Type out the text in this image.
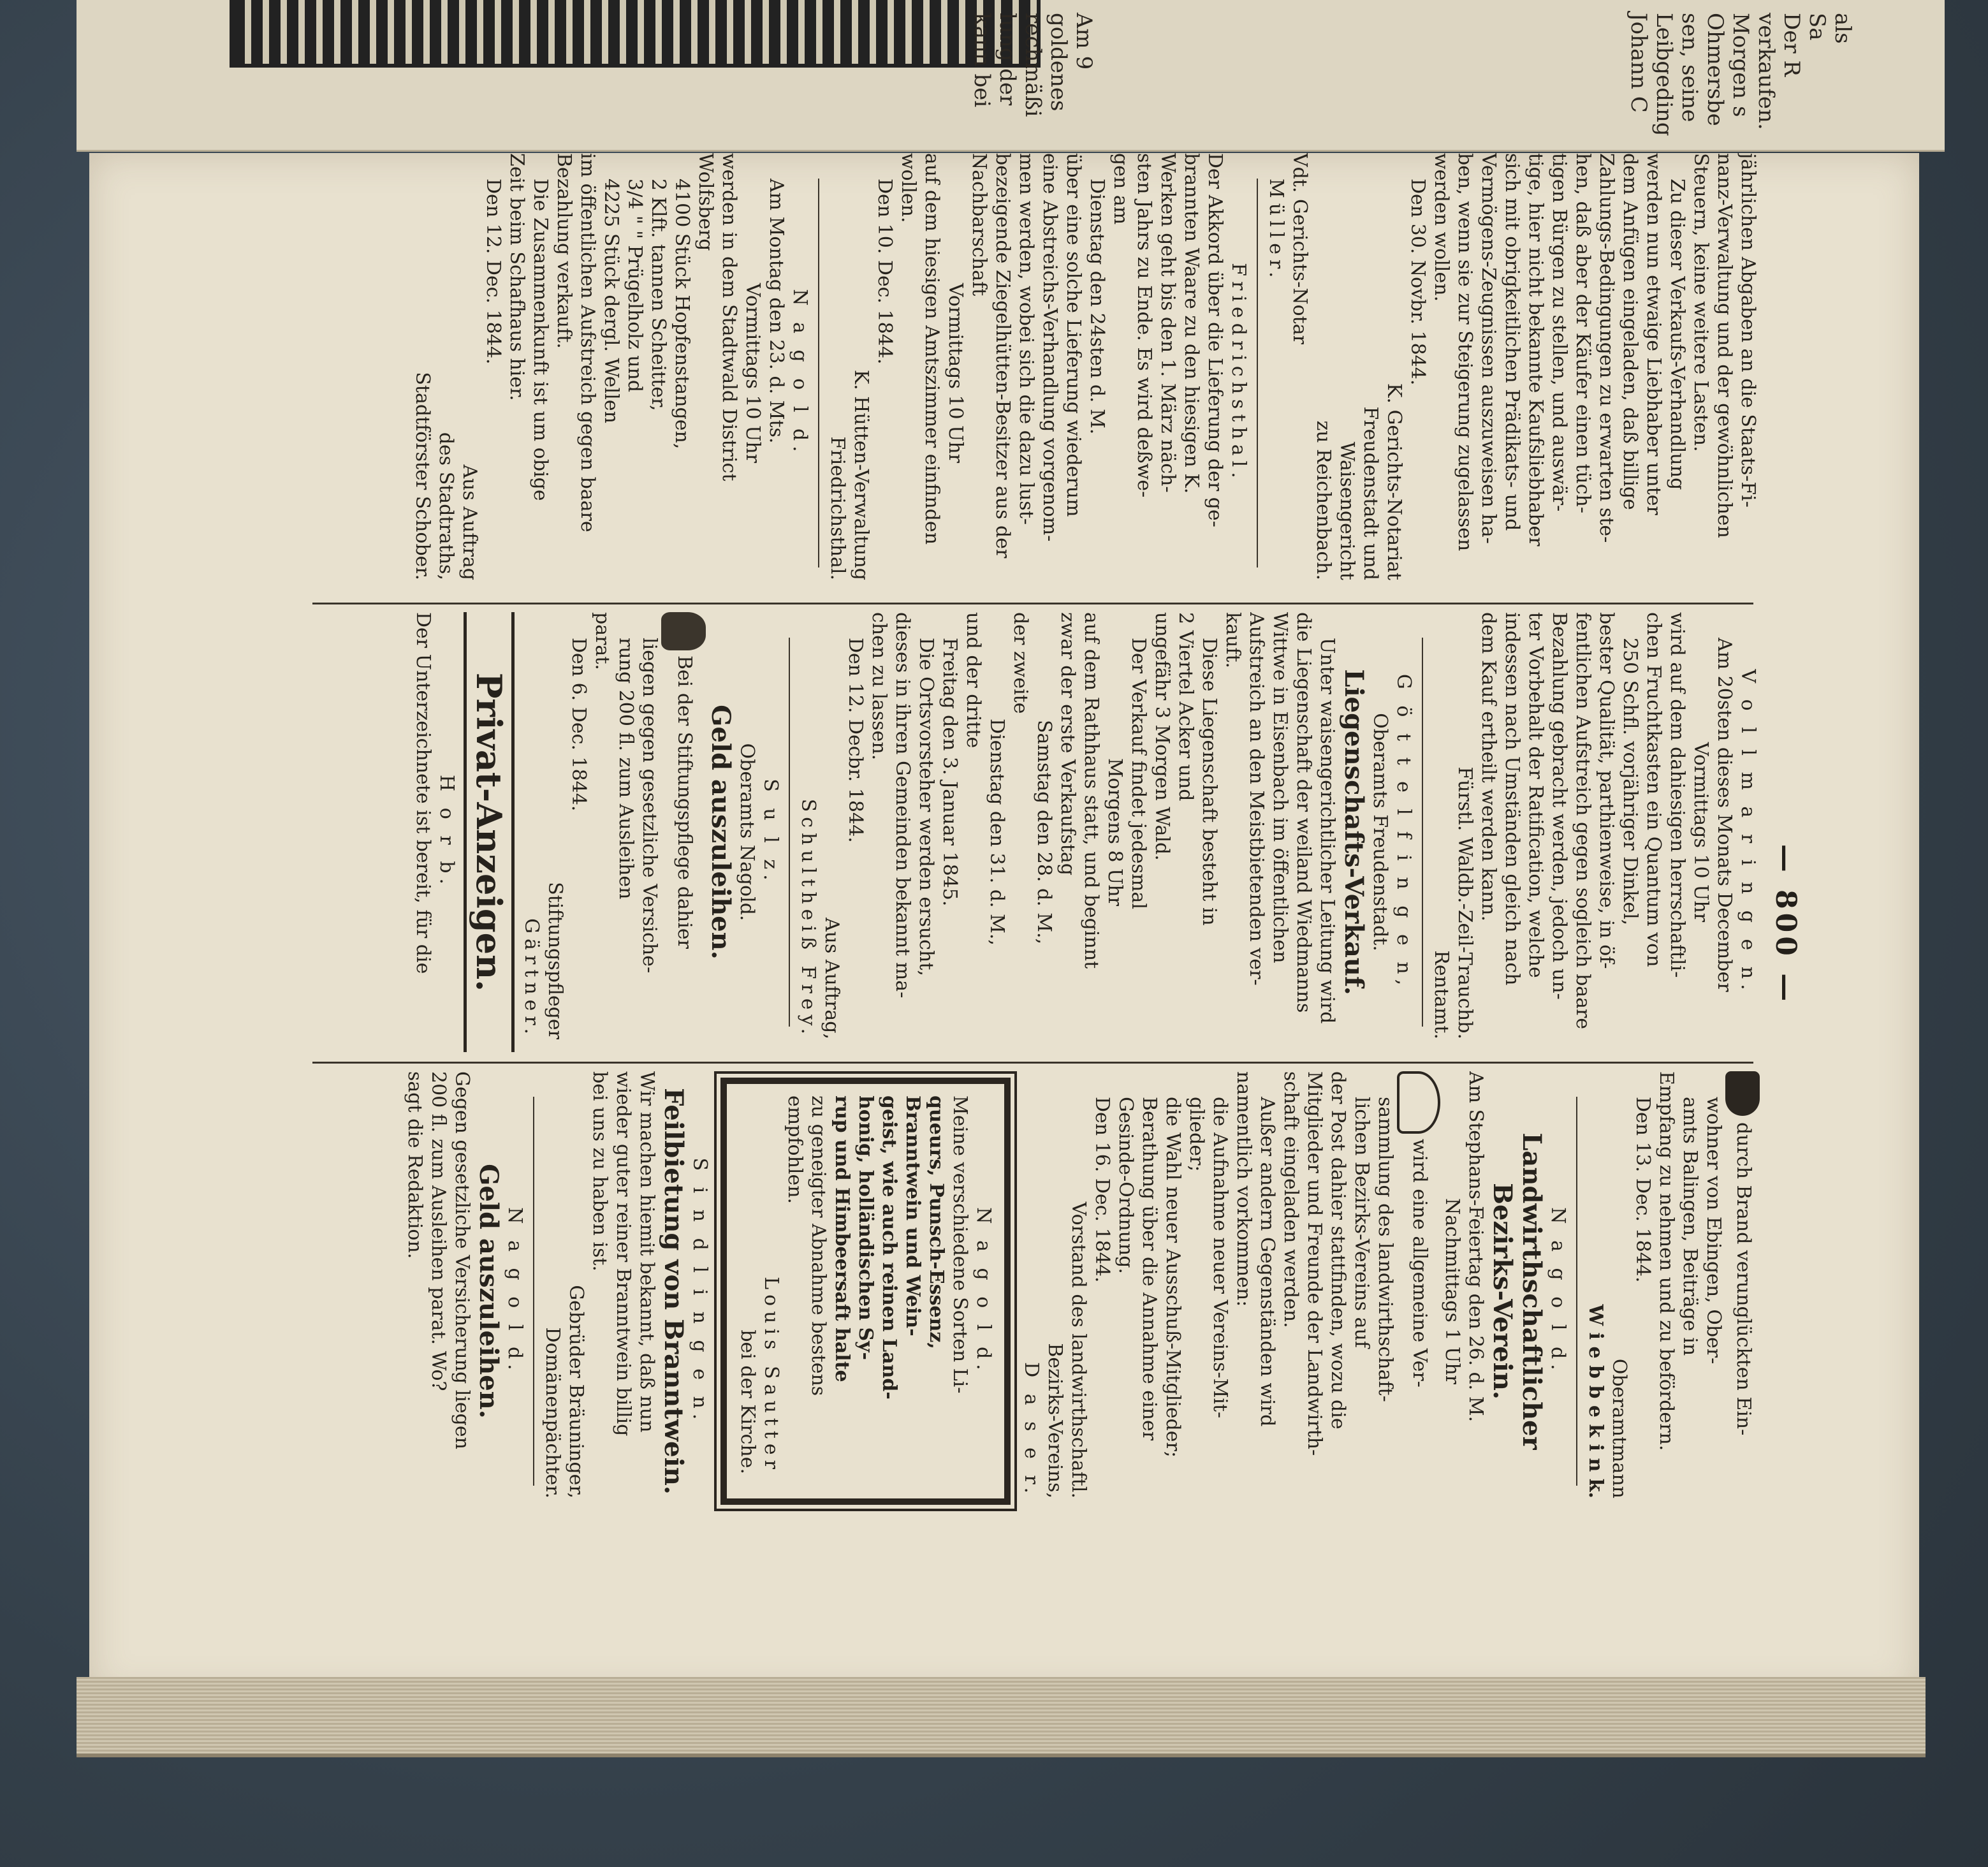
Am 9
goldenes
rechmäßi
lung der
kann bei	Johann C Leibgeding sen, seine Ohmersbe Morgen s verkaufen. Der R Sa als
— 800 —
jährlichen Abgaben an die Staats-Fi-
nanz-Verwaltung und der gewöhnlichen
Steuern, keine weitere Lasten.
Zu dieser Verkaufs-Verhandlung
werden nun etwaige Liebhaber unter
dem Anfügen eingeladen, daß billige
Zahlungs-Bedingungen zu erwarten ste-
hen, daß aber der Käufer einen tüch-
tigen Bürgen zu stellen, und auswär-
tige, hier nicht bekannte Kaufsliebhaber
sich mit obrigkeitlichen Prädikats- und
Vermögens-Zeugnissen auszuweisen ha-
ben, wenn sie zur Steigerung zugelassen
werden wollen.
Den 30. Novbr. 1844.
K. Gerichts-Notariat
Freudenstadt und
Waisengericht
zu Reichenbach.
Vdt. Gerichts-Notar
Müller.
Friedrichsthal.
Der Akkord über die Lieferung der ge-
brannten Waare zu den hiesigen K.
Werken geht bis den 1. März näch-
sten Jahrs zu Ende. Es wird deßwe-
gen am
Dienstag den 24sten d. M.
über eine solche Lieferung wiederum
eine Abstreichs-Verhandlung vorgenom-
men werden, wobei sich die dazu lust-
bezeigende Ziegelhütten-Besitzer aus der
Nachbarschaft
Vormittags 10 Uhr
auf dem hiesigen Amtszimmer einfinden
wollen.
Den 10. Dec. 1844.
K. Hütten-Verwaltung
Friedrichsthal.
N a g o l d.
Am Montag den 23. d. Mts.
Vormittags 10 Uhr
werden in dem Stadtwald District
Wolfsberg
4100 Stück Hopfenstangen,
2 Klft. tannen Scheitter,
3/4 " " Prügelholz und
4225 Stück dergl. Wellen
im öffentlichen Aufstreich gegen baare
Bezahlung verkauft.
Die Zusammenkunft ist um obige
Zeit beim Schafhaus hier.
Den 12. Dec. 1844.
Aus Auftrag
des Stadtraths,
Stadtförster Schober.
V o l l m a r i n g e n.
Am 20sten dieses Monats December
Vormittags 10 Uhr
wird auf dem dahiesigen herrschaftli-
chen Fruchtkasten ein Quantum von
250 Schfl. vorjähriger Dinkel,
bester Qualität, parthienweise, in öf-
fentlichen Aufstreich gegen sogleich baare
Bezahlung gebracht werden, jedoch un-
ter Vorbehalt der Ratification, welche
indessen nach Umständen gleich nach
dem Kauf ertheilt werden kann.
Fürstl. Waldb.-Zeil-Trauchb.
Rentamt.
G ö t t e l f i n g e n,
Oberamts Freudenstadt.
Liegenschafts-Verkauf.
Unter waisengerichtlicher Leitung wird
die Liegenschaft der weiland Wiedmanns
Wittwe in Eisenbach im öffentlichen
Aufstreich an den Meistbietenden ver-
kauft.
Diese Liegenschaft besteht in
2 Viertel Acker und
ungefähr 3 Morgen Wald.
Der Verkauf findet jedesmal
Morgens 8 Uhr
auf dem Rathhaus statt, und beginnt
zwar der erste Verkaufstag
Samstag den 28. d. M.,
der zweite
Dienstag den 31. d. M.,
und der dritte
Freitag den 3. Januar 1845.
Die Ortsvorsteher werden ersucht,
dieses in ihren Gemeinden bekannt ma-
chen zu lassen.
Den 12. Decbr. 1844.
Aus Auftrag,
Schultheiß Frey.
S u l z.
Oberamts Nagold.
Geld auszuleihen.
Bei der Stiftungspflege dahier
liegen gegen gesetzliche Versiche-
rung 200 fl. zum Ausleihen
parat.
Den 6. Dec. 1844.
Stiftungspfleger
Gärtner.
Privat-Anzeigen.
H o r b.
Der Unterzeichnete ist bereit, für die
durch Brand verunglückten Ein-
wohner von Ebingen, Ober-
amts Balingen, Beiträge in
Empfang zu nehmen und zu befördern.
Den 13. Dec. 1844.
Oberamtmann
W i e b b e k i n k.
N a g o l d.
Landwirthschaftlicher Bezirks-Verein.
Am Stephans-Feiertag den 26. d. M.
Nachmittags 1 Uhr
wird eine allgemeine Ver-
sammlung des landwirthschaft-
lichen Bezirks-Vereins auf
der Post dahier stattfinden, wozu die
Mitglieder und Freunde der Landwirth-
schaft eingeladen werden.
Außer andern Gegenständen wird
namentlich vorkommen:
die Aufnahme neuer Vereins-Mit-
glieder;
die Wahl neuer Ausschuß-Mitglieder;
Berathung über die Annahme einer
Gesinde-Ordnung.
Den 16. Dec. 1844.
Vorstand des landwirthschaftl.
Bezirks-Vereins,
D a s e r.
N a g o l d.
Meine verschiedene Sorten Li-
queurs, Punsch-Essenz,
Branntwein und Wein-
geist, wie auch reinen Land-
honig, holländischen Sy-
rup und Himbeersaft halte
zu geneigter Abnahme bestens
empfohlen.
Louis Sautter
bei der Kirche.
S i n d l i n g e n.
Feilbietung von Branntwein.
Wir machen hiemit bekannt, daß nun
wieder guter reiner Branntwein billig
bei uns zu haben ist.
Gebrüder Bräuninger,
Domänenpächter.
N a g o l d.
Geld auszuleihen.
Gegen gesetzliche Versicherung liegen
200 fl. zum Ausleihen parat. Wo?
sagt die Redaktion.
